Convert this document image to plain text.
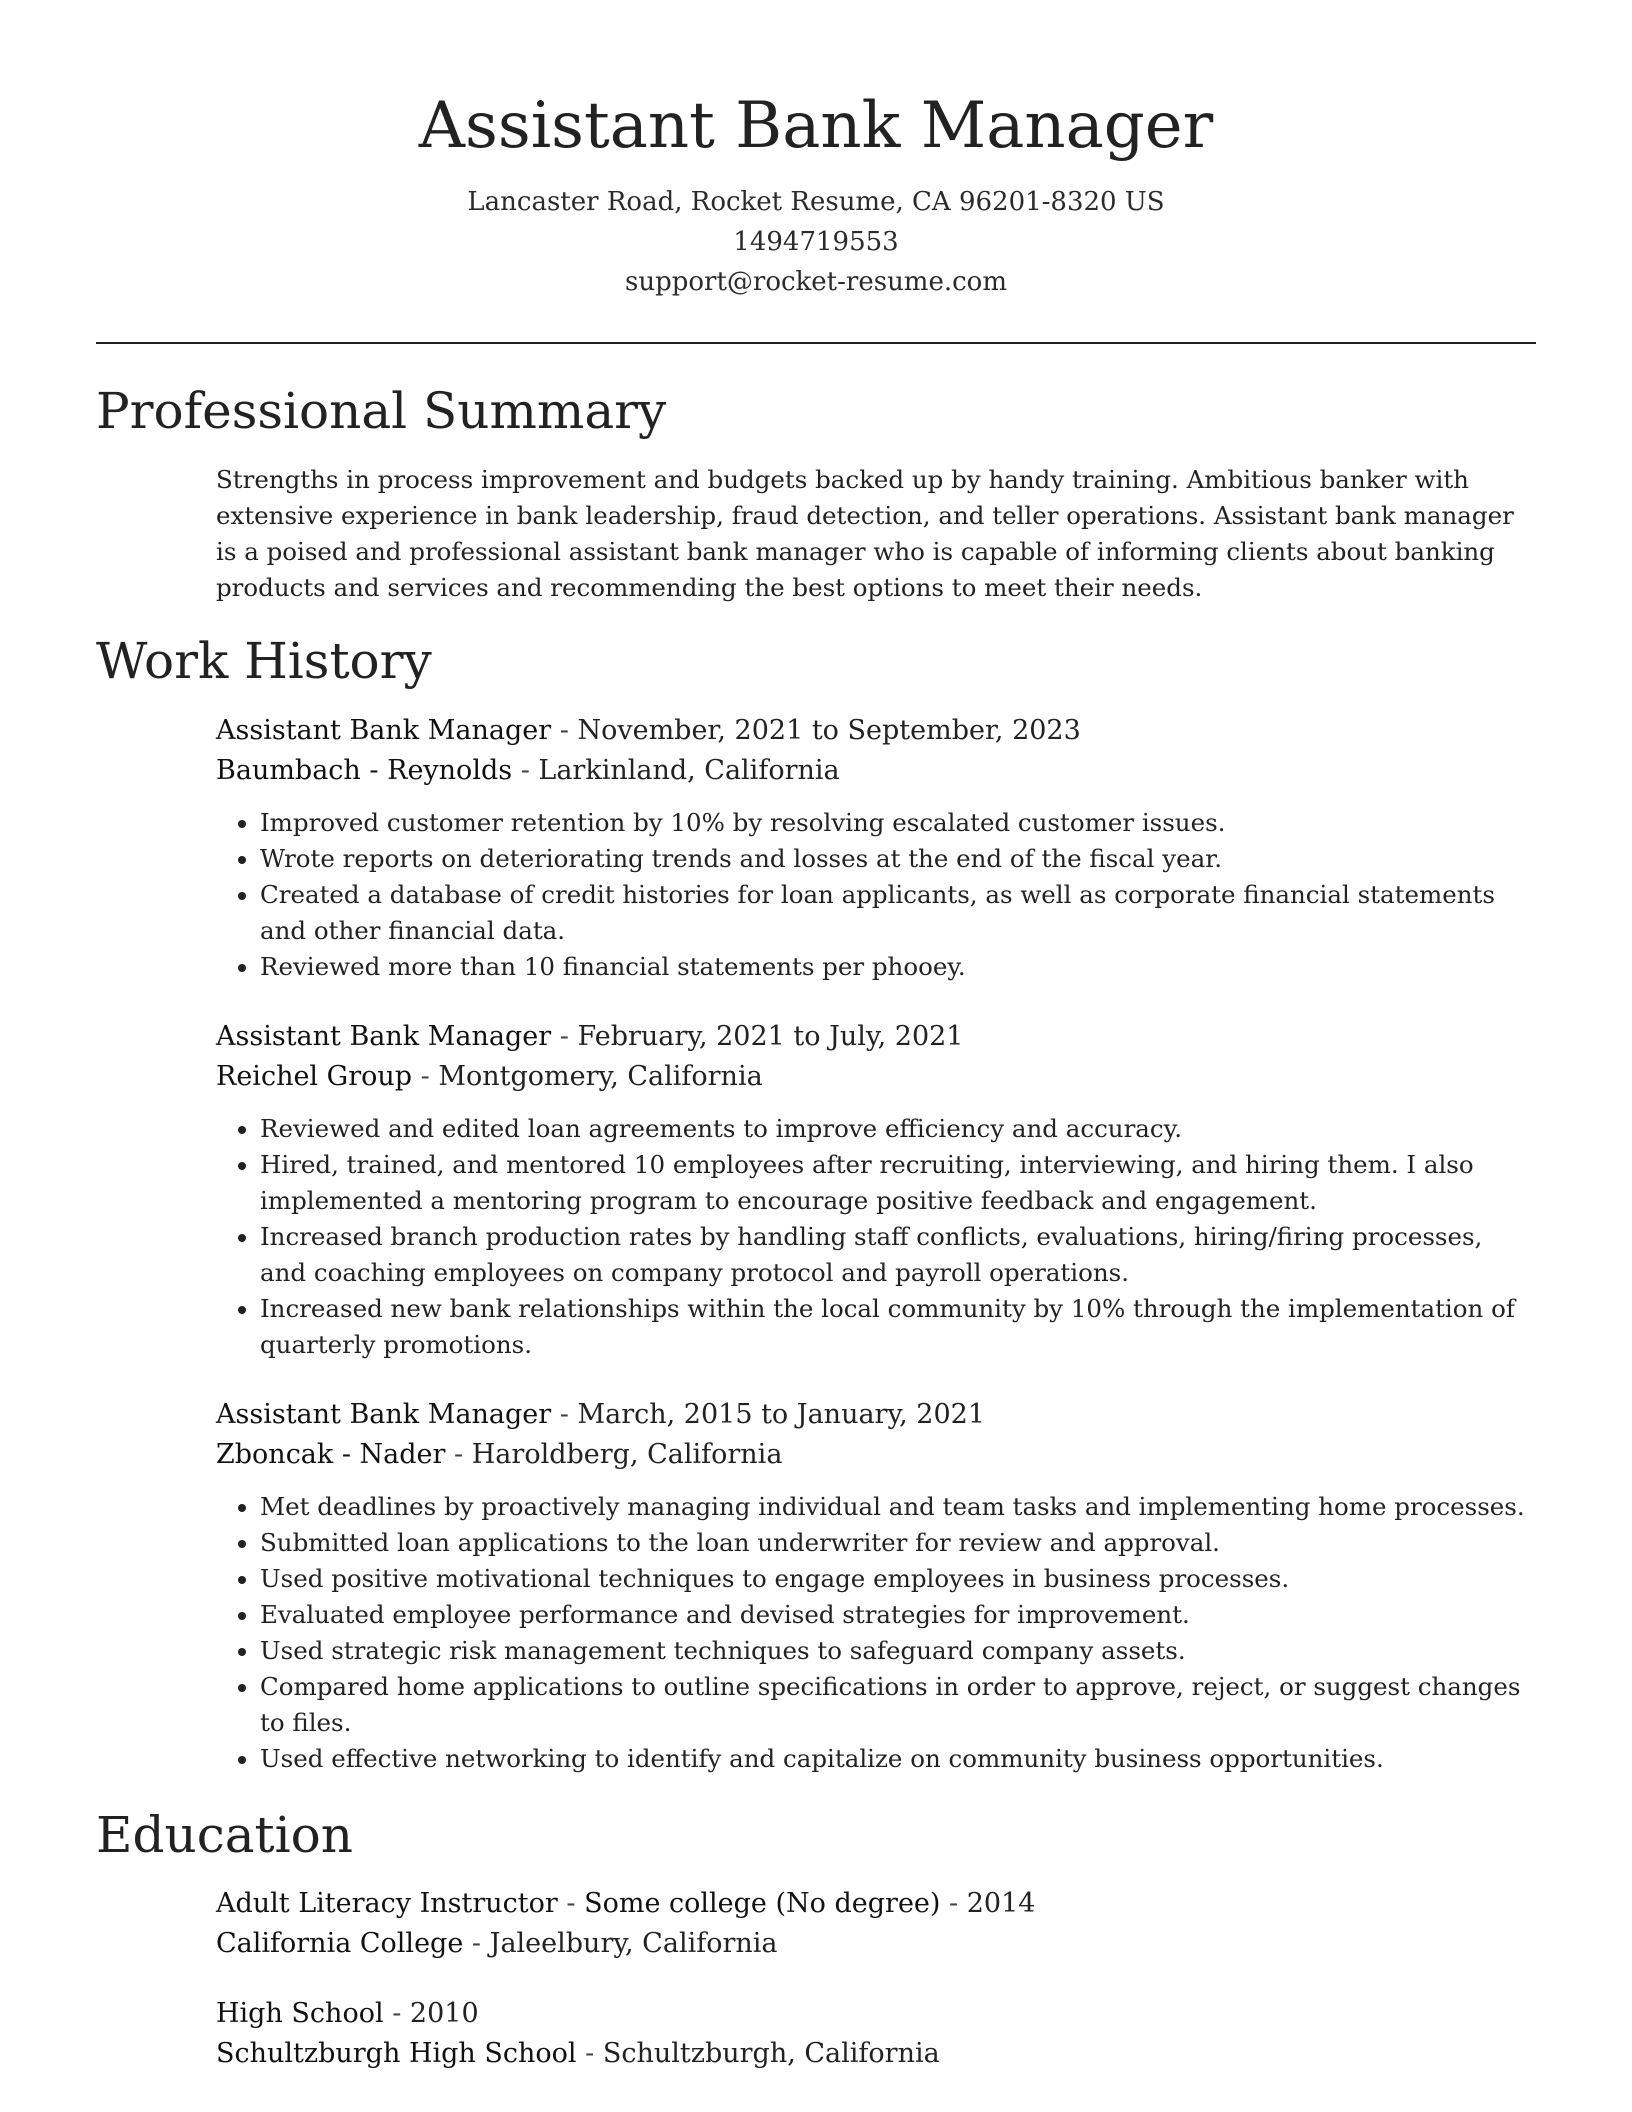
Assistant Bank Manager
Lancaster Road, Rocket Resume, CA 96201-8320 US
1494719553
support@rocket-resume.com
Professional Summary

Strengths in process improvement and budgets backed up by handy training. Ambitious banker with extensive experience in bank leadership, fraud detection, and teller operations. Assistant bank manager is a poised and professional assistant bank manager who is capable of informing clients about banking products and services and recommending the best options to meet their needs.

Work History
Assistant Bank Manager - November, 2021 to September, 2023
Baumbach - Reynolds - Larkinland, California
• Improved customer retention by 10% by resolving escalated customer issues.
• Wrote reports on deteriorating trends and losses at the end of the fiscal year.
• Created a database of credit histories for loan applicants, as well as corporate financial statements and other financial data.
• Reviewed more than 10 financial statements per phooey.
Assistant Bank Manager - February, 2021 to July, 2021
Reichel Group - Montgomery, California
• Reviewed and edited loan agreements to improve efficiency and accuracy.
• Hired, trained, and mentored 10 employees after recruiting, interviewing, and hiring them. I also implemented a mentoring program to encourage positive feedback and engagement.
• Increased branch production rates by handling staff conflicts, evaluations, hiring/firing processes, and coaching employees on company protocol and payroll operations.
• Increased new bank relationships within the local community by 10% through the implementation of quarterly promotions.
Assistant Bank Manager - March, 2015 to January, 2021
Zboncak - Nader - Haroldberg, California
• Met deadlines by proactively managing individual and team tasks and implementing home processes.
• Submitted loan applications to the loan underwriter for review and approval.
• Used positive motivational techniques to engage employees in business processes.
• Evaluated employee performance and devised strategies for improvement.
• Used strategic risk management techniques to safeguard company assets.
• Compared home applications to outline specifications in order to approve, reject, or suggest changes to files.
• Used effective networking to identify and capitalize on community business opportunities.
Education
Adult Literacy Instructor - Some college (No degree) - 2014
California College - Jaleelbury, California
High School - 2010
Schultzburgh High School - Schultzburgh, California
